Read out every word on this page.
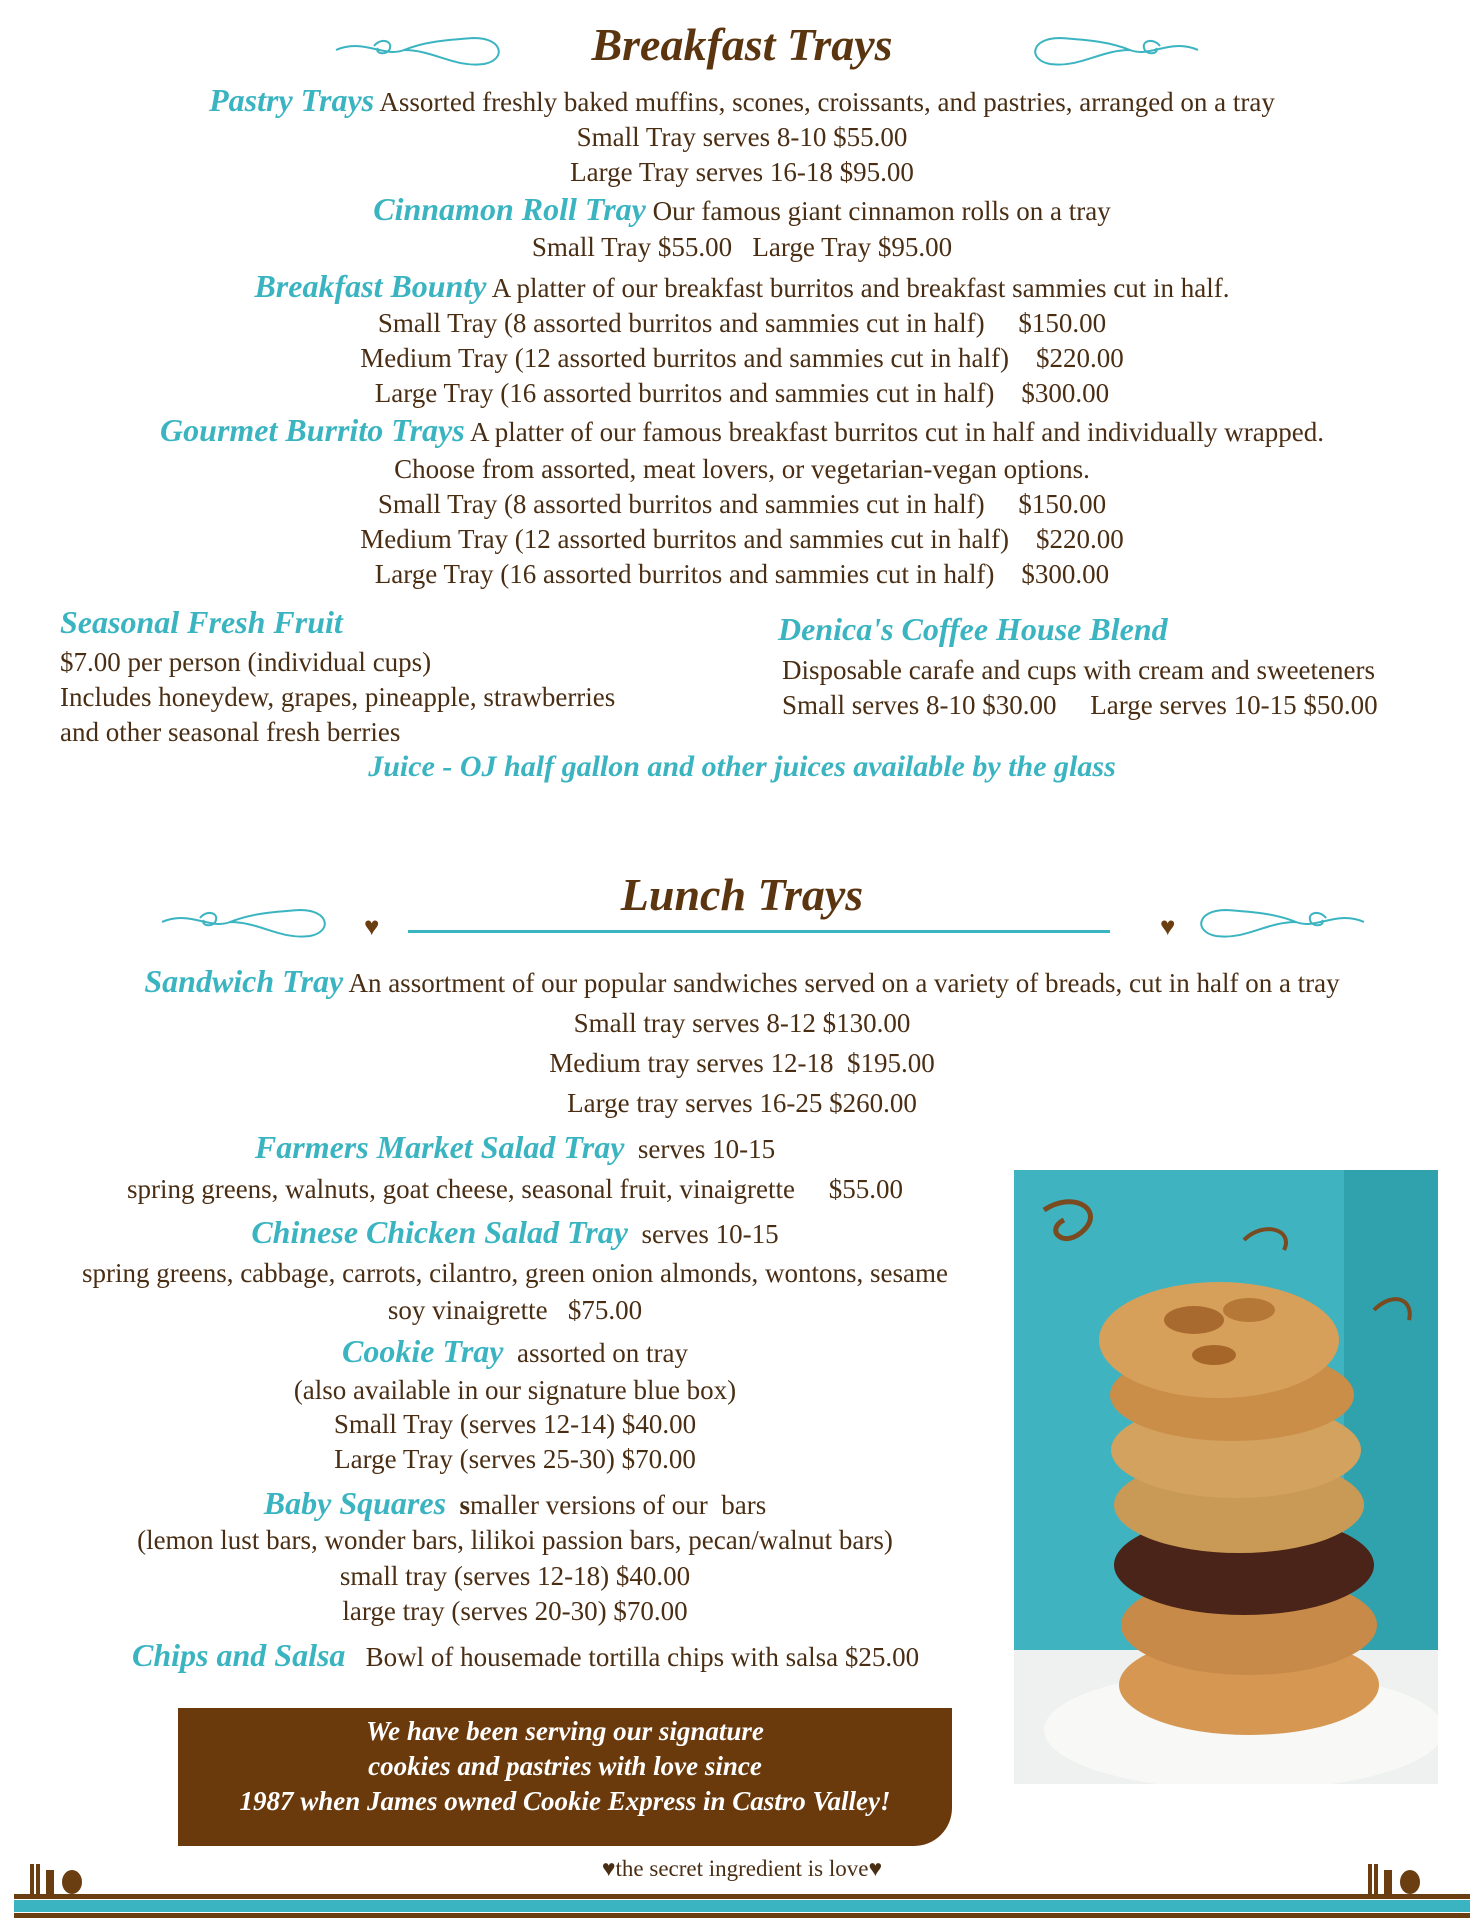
Breakfast Trays
Pastry Trays Assorted freshly baked muffins, scones, croissants, and pastries, arranged on a tray
Small Tray serves 8-10 $55.00
Large Tray serves 16-18 $95.00
Cinnamon Roll Tray Our famous giant cinnamon rolls on a tray
Small Tray $55.00   Large Tray $95.00
Breakfast Bounty A platter of our breakfast burritos and breakfast sammies cut in half.
Small Tray (8 assorted burritos and sammies cut in half)     $150.00
Medium Tray (12 assorted burritos and sammies cut in half)    $220.00
Large Tray (16 assorted burritos and sammies cut in half)    $300.00
Gourmet Burrito Trays A platter of our famous breakfast burritos cut in half and individually wrapped.
Choose from assorted, meat lovers, or vegetarian-vegan options.
Small Tray (8 assorted burritos and sammies cut in half)     $150.00
Medium Tray (12 assorted burritos and sammies cut in half)    $220.00
Large Tray (16 assorted burritos and sammies cut in half)    $300.00
Seasonal Fresh Fruit
$7.00 per person (individual cups)
Includes honeydew, grapes, pineapple, strawberries
and other seasonal fresh berries
Denica's Coffee House Blend
Disposable carafe and cups with cream and sweeteners
Small serves 8-10 $30.00     Large serves 10-15 $50.00
Juice - OJ half gallon and other juices available by the glass
Lunch Trays
♥	♥
Sandwich Tray An assortment of our popular sandwiches served on a variety of breads, cut in half on a tray
Small tray serves 8-12 $130.00
Medium tray serves 12-18  $195.00
Large tray serves 16-25 $260.00
Farmers Market Salad Tray serves 10-15
spring greens, walnuts, goat cheese, seasonal fruit, vinaigrette     $55.00
Chinese Chicken Salad Tray serves 10-15
spring greens, cabbage, carrots, cilantro, green onion almonds, wontons, sesame
soy vinaigrette   $75.00
Cookie Tray assorted on tray
(also available in our signature blue box)
Small Tray (serves 12-14) $40.00
Large Tray (serves 25-30) $70.00
Baby Squares smaller versions of our  bars
(lemon lust bars, wonder bars, lilikoi passion bars, pecan/walnut bars)
small tray (serves 12-18) $40.00
large tray (serves 20-30) $70.00
Chips and Salsa Bowl of housemade tortilla chips with salsa $25.00
We have been serving our signature
cookies and pastries with love since
1987 when James owned Cookie Express in Castro Valley!
♥the secret ingredient is love♥
